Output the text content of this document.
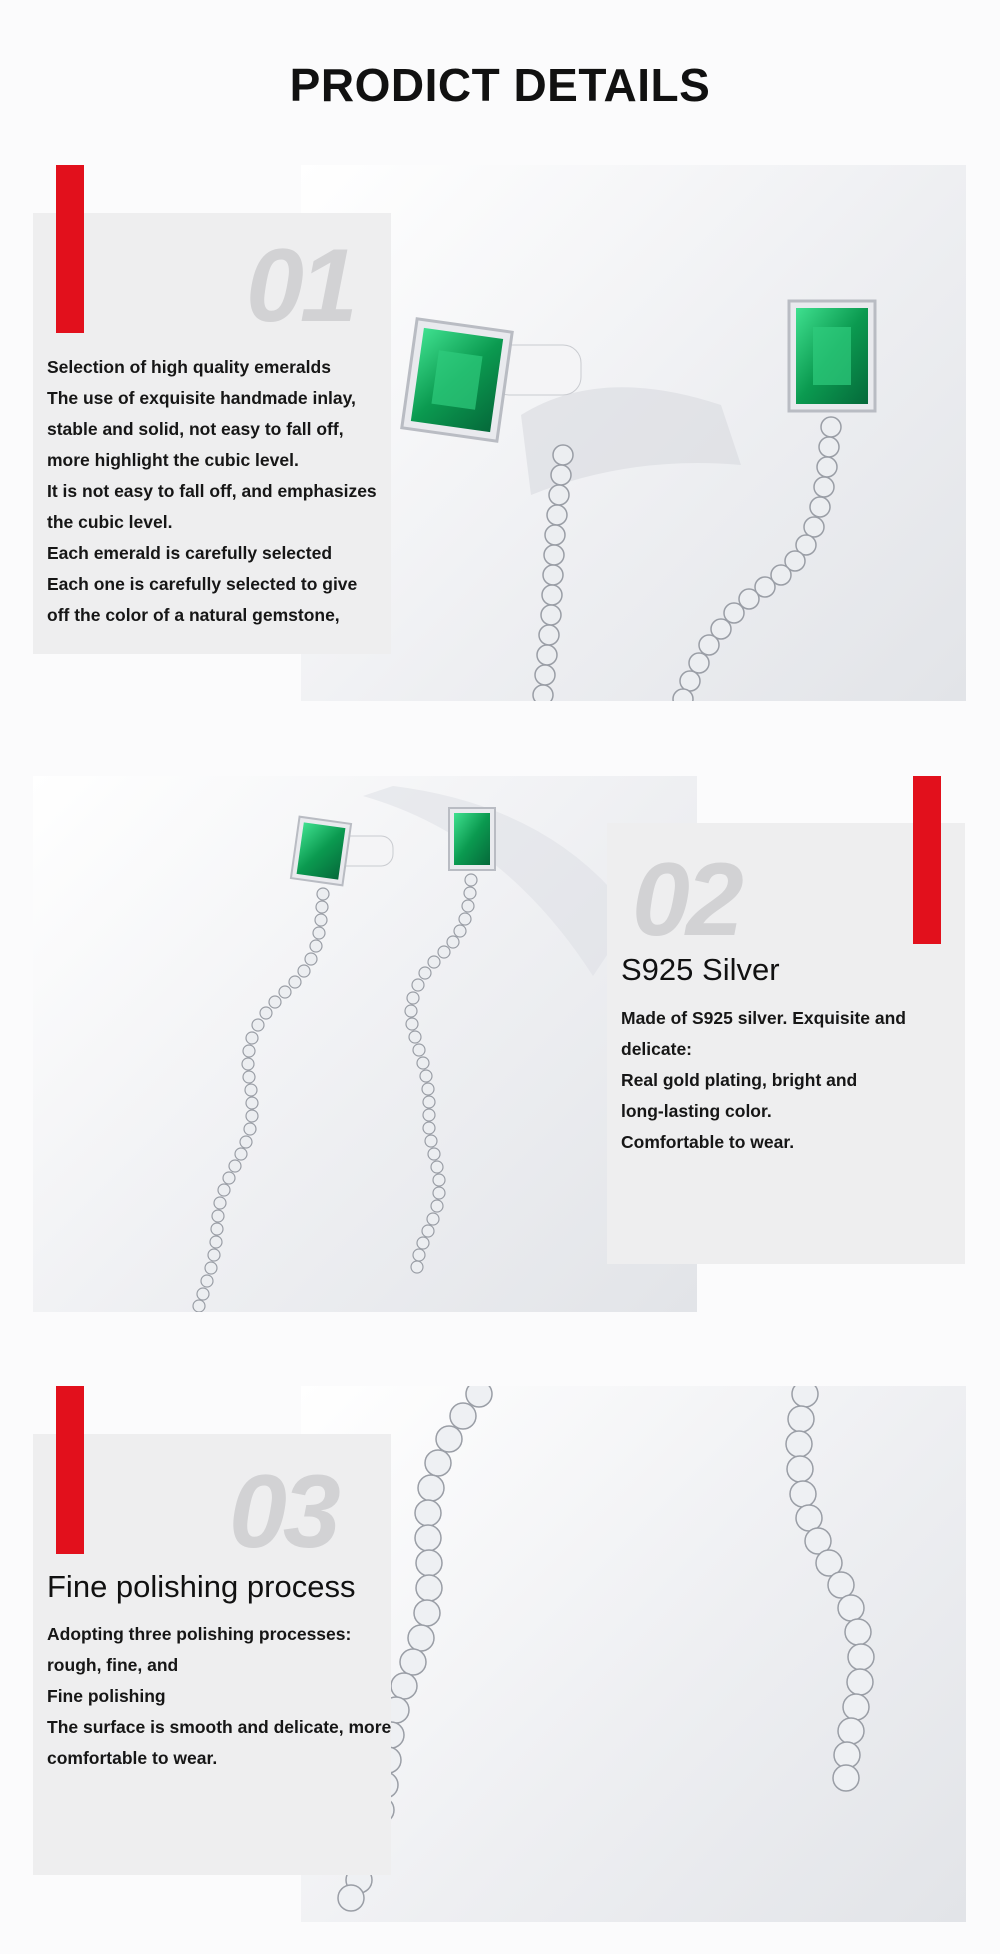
PRODICT DETAILS
01
Selection of high quality emeralds
The use of exquisite handmade inlay,
stable and solid, not easy to fall off,
more highlight the cubic level.
It is not easy to fall off, and emphasizes
the cubic level.
Each emerald is carefully selected
Each one is carefully selected to give
off the color of a natural gemstone,
02
S925 Silver
Made of S925 silver. Exquisite and
delicate:
Real gold plating, bright and
long-lasting color.
Comfortable to wear.
03
Fine polishing process
Adopting three polishing processes:
rough, fine, and
Fine polishing
The surface is smooth and delicate, more
comfortable to wear.
